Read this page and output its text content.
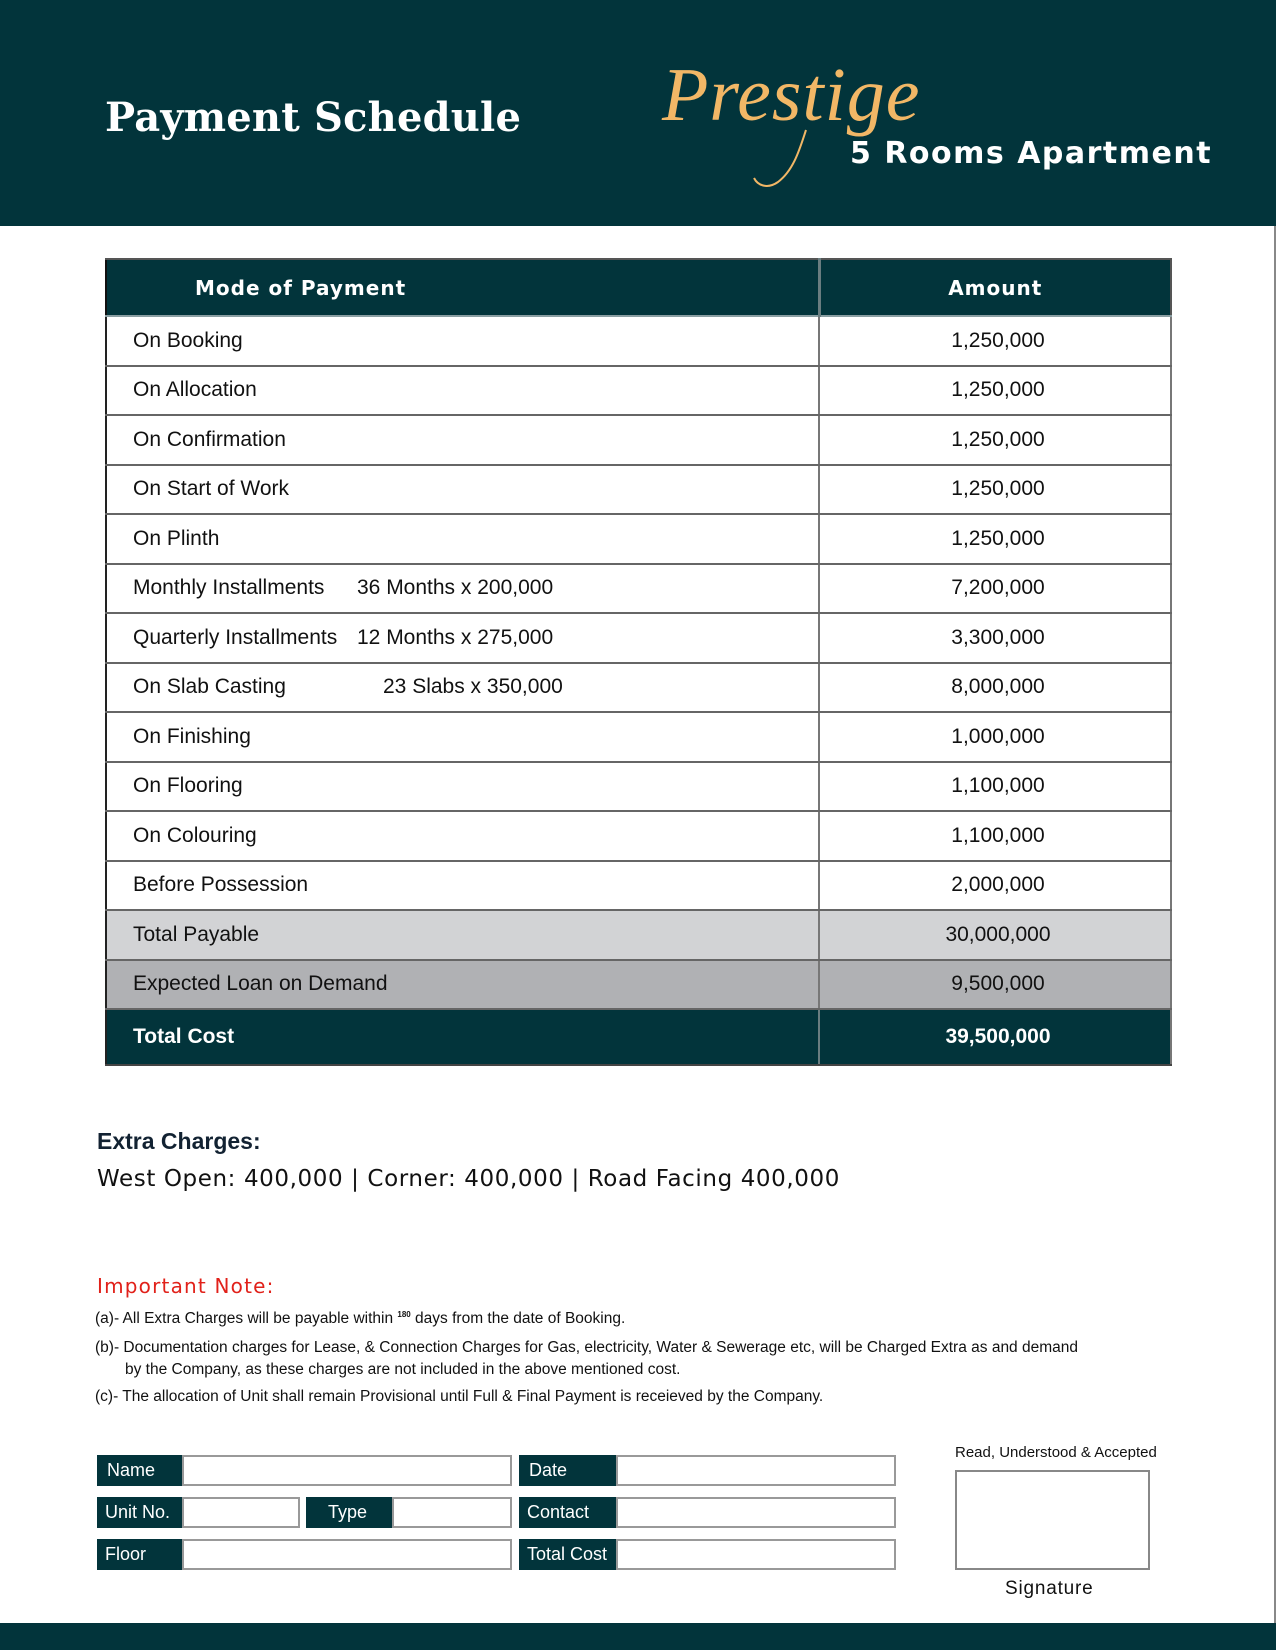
Payment Schedule Prestige
5 Rooms Apartment
Mode of Payment	Amount
On Booking	1,250,000
On Allocation	1,250,000
On Confirmation	1,250,000
On Start of Work	1,250,000
On Plinth	1,250,000
Monthly Installments 36 Months x 200,000	7,200,000
Quarterly Installments 12 Months x 275,000	3,300,000
On Slab Casting 23 Slabs x 350,000	8,000,000
On Finishing	1,000,000
On Flooring	1,100,000
On Colouring	1,100,000
Before Possession	2,000,000
Total Payable	30,000,000
Expected Loan on Demand	9,500,000
Total Cost	39,500,000
Extra Charges:
West Open: 400,000 | Corner: 400,000 | Road Facing 400,000
Important Note:
(a)- All Extra Charges will be payable within $^{180}$ days from the date of Booking.
(b)- Documentation charges for Lease, & Connection Charges for Gas, electricity, Water & Sewerage etc, will be Charged Extra as and demand
by the Company, as these charges are not included in the above mentioned cost.
(c)- The allocation of Unit shall remain Provisional until Full & Final Payment is receieved by the Company.
Name	Date
Unit No.	Type	Contact
Floor	Total Cost
Read, Understood & Accepted
Signature
